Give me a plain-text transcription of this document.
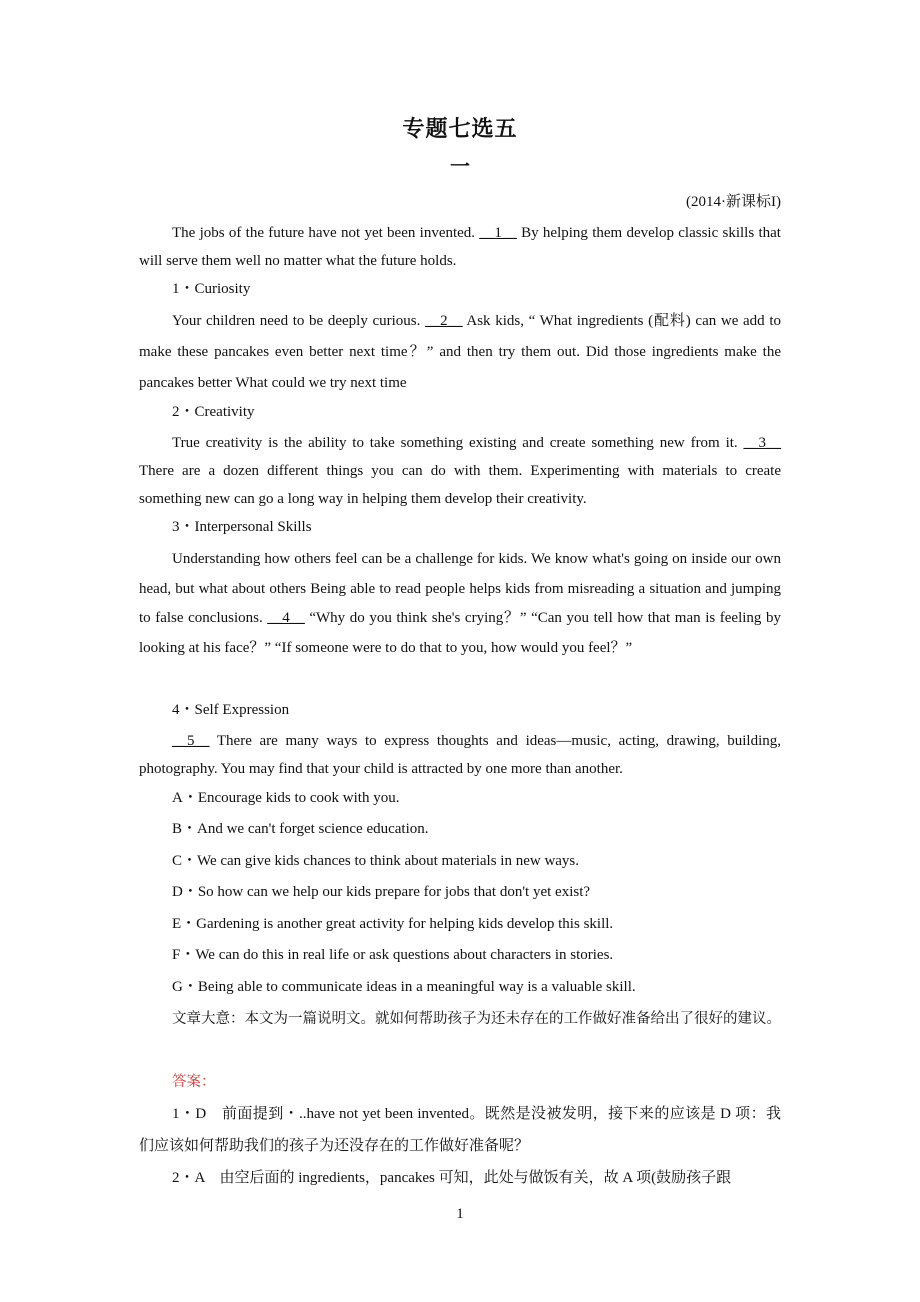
专题七选五
一
(2014·新课标I)
The jobs of the future have not yet been invented. __1__ By helping them develop classic skills that will serve them well no matter what the future holds.
1・Curiosity
Your children need to be deeply curious. __2__ Ask kids, “ What ingredients (配料) can we add to make these pancakes even better next time？” and then try them out. Did those ingredients make the pancakes better What could we try next time
2・Creativity
True creativity is the ability to take something existing and create something new from it. __3__ There are a dozen different things you can do with them. Experimenting with materials to create something new can go a long way in helping them develop their creativity.
3・Interpersonal Skills
Understanding how others feel can be a challenge for kids. We know what's going on inside our own head, but what about others Being able to read people helps kids from misreading a situation and jumping to false conclusions. __4__ “Why do you think she's crying？” “Can you tell how that man is feeling by looking at his face？” “If someone were to do that to you, how would you feel？”
4・Self Expression
__5__ There are many ways to express thoughts and ideas—music, acting, drawing, building, photography. You may find that your child is attracted by one more than another.
A・Encourage kids to cook with you.
B・And we can't forget science education.
C・We can give kids chances to think about materials in new ways.
D・So how can we help our kids prepare for jobs that don't yet exist?
E・Gardening is another great activity for helping kids develop this skill.
F・We can do this in real life or ask questions about characters in stories.
G・Being able to communicate ideas in a meaningful way is a valuable skill.
文章大意：本文为一篇说明文。就如何帮助孩子为还未存在的工作做好准备给出了很好的建议。
答案：
1・D　前面提到・..have not yet been invented。既然是没被发明，接下来的应该是 D 项：我们应该如何帮助我们的孩子为还没存在的工作做好准备呢？
2・A　由空后面的 ingredients，pancakes 可知，此处与做饭有关，故 A 项(鼓励孩子跟
1
